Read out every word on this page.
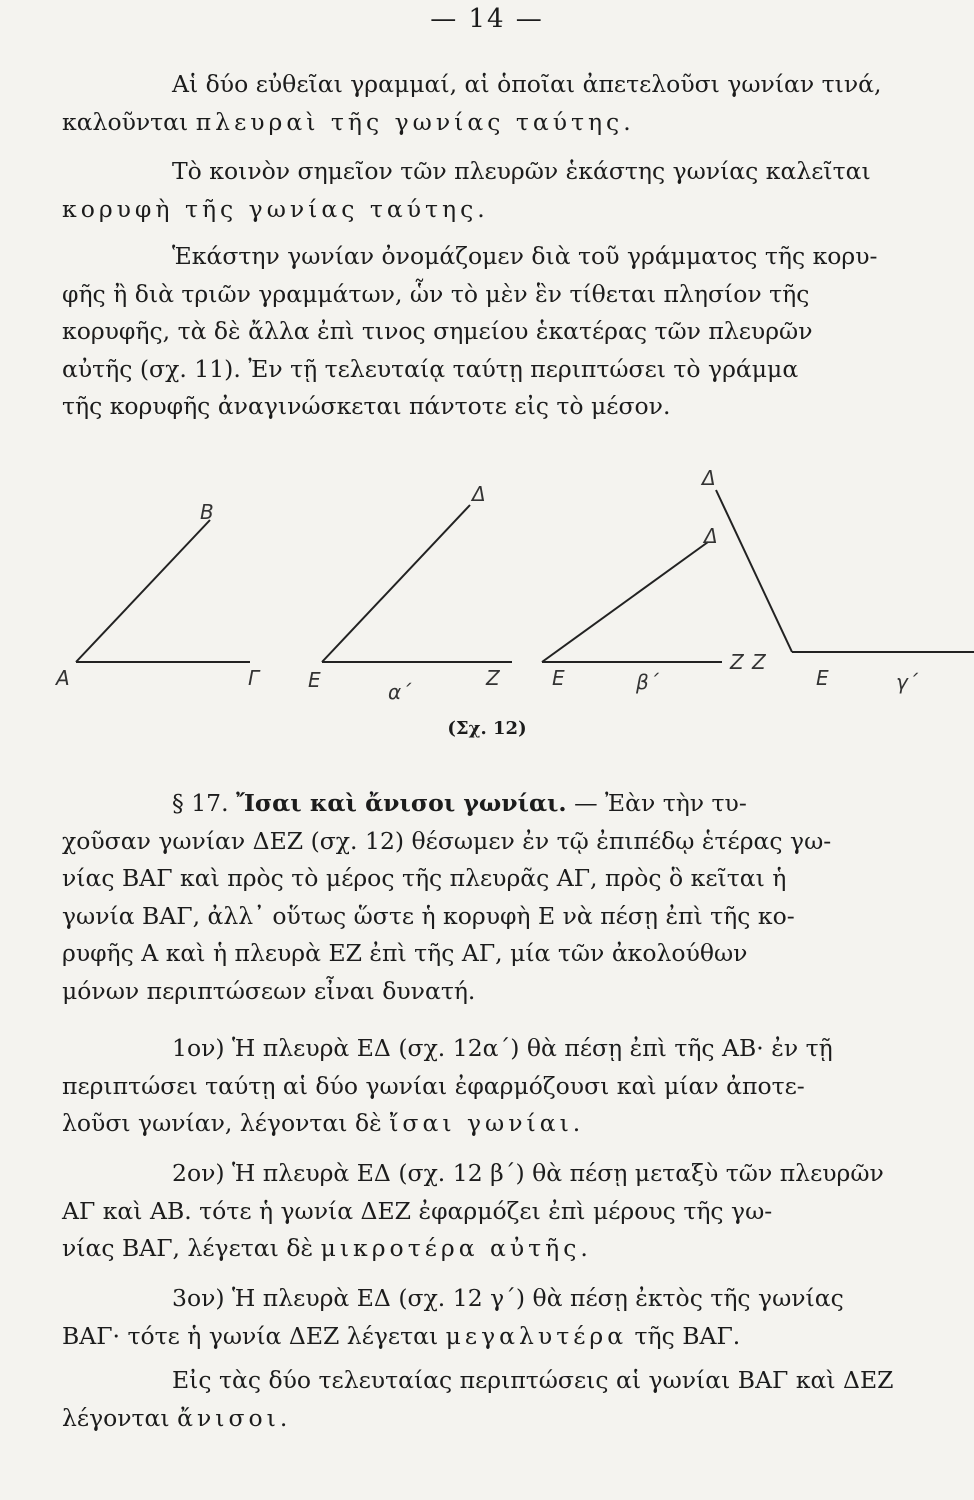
— 14 —
Αἱ δύο εὐθεῖαι γραμμαί, αἱ ὁποῖαι ἀπετελοῦσι γωνίαν τινά,
καλοῦνται πλευραὶ τῆς γωνίας ταύτης.
Τὸ κοινὸν σημεῖον τῶν πλευρῶν ἑκάστης γωνίας καλεῖται
κορυφὴ τῆς γωνίας ταύτης.
Ἑκάστην γωνίαν ὀνομάζομεν διὰ τοῦ γράμματος τῆς κορυ-
φῆς ἢ διὰ τριῶν γραμμάτων, ὧν τὸ μὲν ἓν τίθεται πλησίον τῆς
κορυφῆς, τὰ δὲ ἄλλα ἐπὶ τινος σημείου ἑκατέρας τῶν πλευρῶν
αὐτῆς (σχ. 11). Ἐν τῇ τελευταίᾳ ταύτῃ περιπτώσει τὸ γράμμα
τῆς κορυφῆς ἀναγινώσκεται πάντοτε εἰς τὸ μέσον.
Α
Β
Γ Ε
Δ
Ζ
α΄
Ε
Δ
Ζ
β΄
Δ
Ε
Ζ
γ΄
(Σχ. 12)
§ 17. Ἴσαι καὶ ἄνισοι γωνίαι. — Ἐὰν τὴν τυ-
χοῦσαν γωνίαν ΔΕΖ (σχ. 12) θέσωμεν ἐν τῷ ἐπιπέδῳ ἑτέρας γω-
νίας ΒΑΓ καὶ πρὸς τὸ μέρος τῆς πλευρᾶς ΑΓ, πρὸς ὃ κεῖται ἡ
γωνία ΒΑΓ, ἀλλ᾽ οὕτως ὥστε ἡ κορυφὴ Ε νὰ πέσῃ ἐπὶ τῆς κο-
ρυφῆς Α καὶ ἡ πλευρὰ ΕΖ ἐπὶ τῆς ΑΓ, μία τῶν ἀκολούθων
μόνων περιπτώσεων εἶναι δυνατή.
1ον) Ἡ πλευρὰ ΕΔ (σχ. 12α΄) θὰ πέσῃ ἐπὶ τῆς ΑΒ· ἐν τῇ
περιπτώσει ταύτῃ αἱ δύο γωνίαι ἐφαρμόζουσι καὶ μίαν ἀποτε-
λοῦσι γωνίαν, λέγονται δὲ ἴσαι γωνίαι.
2ον) Ἡ πλευρὰ ΕΔ (σχ. 12 β΄) θὰ πέσῃ μεταξὺ τῶν πλευρῶν
ΑΓ καὶ ΑΒ. τότε ἡ γωνία ΔΕΖ ἐφαρμόζει ἐπὶ μέρους τῆς γω-
νίας ΒΑΓ, λέγεται δὲ μικροτέρα αὐτῆς.
3ον) Ἡ πλευρὰ ΕΔ (σχ. 12 γ΄) θὰ πέσῃ ἐκτὸς τῆς γωνίας
ΒΑΓ· τότε ἡ γωνία ΔΕΖ λέγεται μεγαλυτέρα τῆς ΒΑΓ.
Εἰς τὰς δύο τελευταίας περιπτώσεις αἱ γωνίαι ΒΑΓ καὶ ΔΕΖ
λέγονται ἄνισοι.
